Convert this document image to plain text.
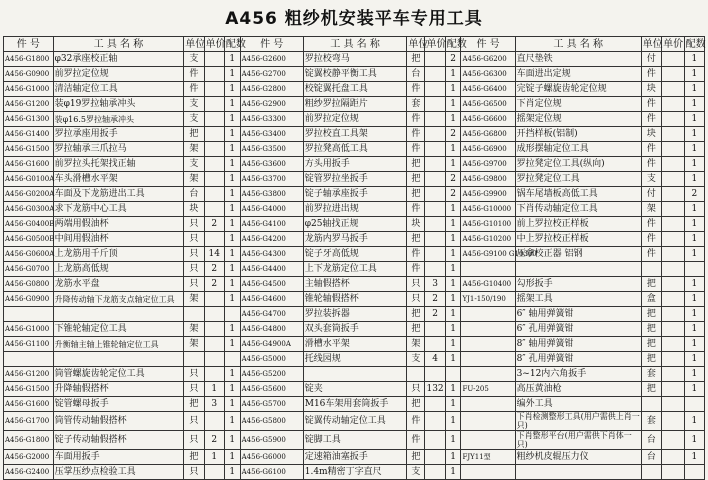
A456 粗纱机安装平车专用工具
件 号	工 具 名 称	单位	单价	配数	件 号	工 具 名 称	单位	单价	配数	件 号	工 具 名 称	单位	单价	配数
A456-G1800	φ32承座校正轴	支		1	A456-G2600	罗拉校弯马	把		2	A456-G6200	直尺垫铁	付		1
A456-G0900	前罗拉定位规	件		1	A456-G2700	锭翼校静平衡工具	台		1	A456-G6300	车面进出定规	件		1
A456-G1000	清洁轴定位工具	件		1	A456-G2800	校锭翼托盘工具	件		1	A456-G6400	完锭子螺旋齿轮定位规	块		1
A456-G1200	装φ19罗拉轴承冲头	支		1	A456-G2900	粗纱罗拉隔距片	套		1	A456-G6500	下肖定位规	件		1
A456-G1300	装φ16.5罗拉轴承冲头	支		1	A456-G3300	前罗拉定位规	件		1	A456-G6600	摇架定位规	件		1
A456-G1400	罗拉承座用扳手	把		1	A456-G3400	罗拉校直工具架	件		2	A456-G6800	开挡样板(铝制)	块		1
A456-G1500	罗拉轴承三爪拉马	架		1	A456-G3500	罗拉凳高低工具	件		1	A456-G6900	成形摆轴定位工具	件		1
A456-G1600	前罗拉头托架找正轴	支		1	A456-G3600	方头用扳手	把		1	A456-G9700	罗拉凳定位工具(纵向)	件		1
A456-G0100A	车头滑槽水平架	架		1	A456-G3700	锭管罗拉坐扳手	把		2	A456-G9800	罗拉凳定位工具	支		1
A456-G0200A	车面及下龙筋进出工具	台		1	A456-G3800	锭子轴承座扳手	把		2	A456-G9900	锅车尾墙板高低工具	付		2
A456-G0300A	求下龙筋中心工具	块		1	A456-G4000	前罗拉进出规	件		1	A456-G10000	下肖传动轴定位工具	架		1
A456-G0400B	两端用假油杯	只	2	1	A456-G4100	φ25轴找正规	块		1	A456-G10100	前上罗拉校正样板	件		1
A456-G0500B	中间用假油杯	只		1	A456-G4200	龙筋内罗马扳手	把		1	A456-G10200	中上罗拉校正样板	件		1
A456-G0600A	上龙筋用千斤顶	只	14	1	A456-G4300	锭子牙高低规	件		1	A456-G9100 G10300	压拿校正器 铝钢	件		1
A456-G0700	上龙筋高低规	只	2	1	A456-G4400	上下龙筋定位工具	件		1					
A456-G0800	龙筋水平盘	只	2	1	A456-G4500	主轴假搭杯	只	3	1	A456-G10400	勾形扳手	把		1
A456-G0900	升降传动轴下龙筋支点轴定位工具	架		1	A456-G4600	锥轮轴假搭杯	只	2	1	YJ1-150/190	摇架工具	盒		1
					A456-G4700	罗拉装拆器	把	2	1		6″ 轴用弹簧钳	把		1
A456-G1000	下锥轮轴定位工具	架		1	A456-G4800	双头套筒扳手	把		1		6″ 孔用弹簧钳	把		1
A456-G1100	升衡轴主轴上锥轮轴定位工具	架		1	A456-G4900A	滑槽水平架	架		1		8″ 轴用弹簧钳	把		1
					A456-G5000	托线园规	支	4	1		8″ 孔用弹簧钳	把		1
A456-G1200	筒管螺旋齿轮定位工具	只		1	A456-G5200						3~12内六角扳手	套		1
A456-G1500	升降轴假搭杯	只	1	1	A456-G5600	锭夹	只	132	1	FU-205	高压黄油枪	把		1
A456-G1600	锭管螺母扳手	把	3	1	A456-G5700	M16车架用套筒扳手	把		1		编外工具			
A456-G1700	筒管传动轴假搭杯	只		1	A456-G5800	锭翼传动轴定位工具	件		1		下肖检测整形工具(用户需供上肖一只)	套		1
A456-G1800	锭子传动轴假搭杯	只	2	1	A456-G5900	锭脚工具	件		1		下肖整形平台(用户需供下肖体一只)	台		1
A456-G2000	车面用扳手	把	1	1	A456-G6000	定速箱油塞扳手	把		1	FJY11型	粗纱机皮辊压力仪	台		1
A456-G2400	压掌压纱点检验工具	只		1	A456-G6100	1.4m精密丁字直尺	支		1					
